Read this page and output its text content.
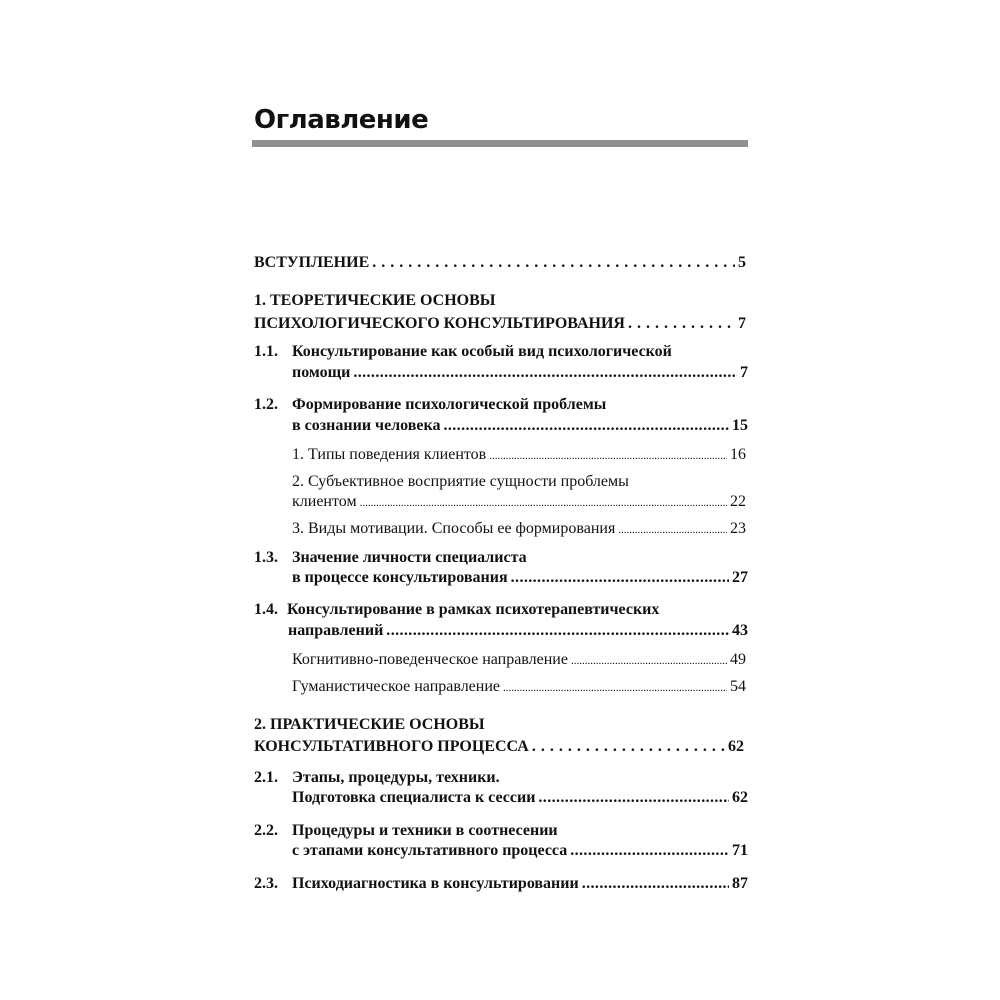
Оглавление
ВСТУПЛЕНИЕ . . .	5
1. ТЕОРЕТИЧЕСКИЕ ОСНОВЫ
ПСИХОЛОГИЧЕСКОГО КОНСУЛЬТИРОВАНИЯ . . .	7
1.1. Консультирование как особый вид психологической
помощи .....	7
1.2. Формирование психологической проблемы
в сознании человека .....	15
1. Типы поведения клиентов .....	16
2. Субъективное восприятие сущности проблемы
клиентом .....	22
3. Виды мотивации. Способы ее формирования .....	23
1.3. Значение личности специалиста
в процессе консультирования .....	27
1.4. Консультирование в рамках психотерапевтических
направлений .....	43
Когнитивно-поведенческое направление .....	49
Гуманистическое направление .....	54
2. ПРАКТИЧЕСКИЕ ОСНОВЫ
КОНСУЛЬТАТИВНОГО ПРОЦЕССА . . .	62
2.1. Этапы, процедуры, техники.
Подготовка специалиста к сессии .....	62
2.2. Процедуры и техники в соотнесении
с этапами консультативного процесса .....	71
2.3. Психодиагностика в консультировании .....	87
